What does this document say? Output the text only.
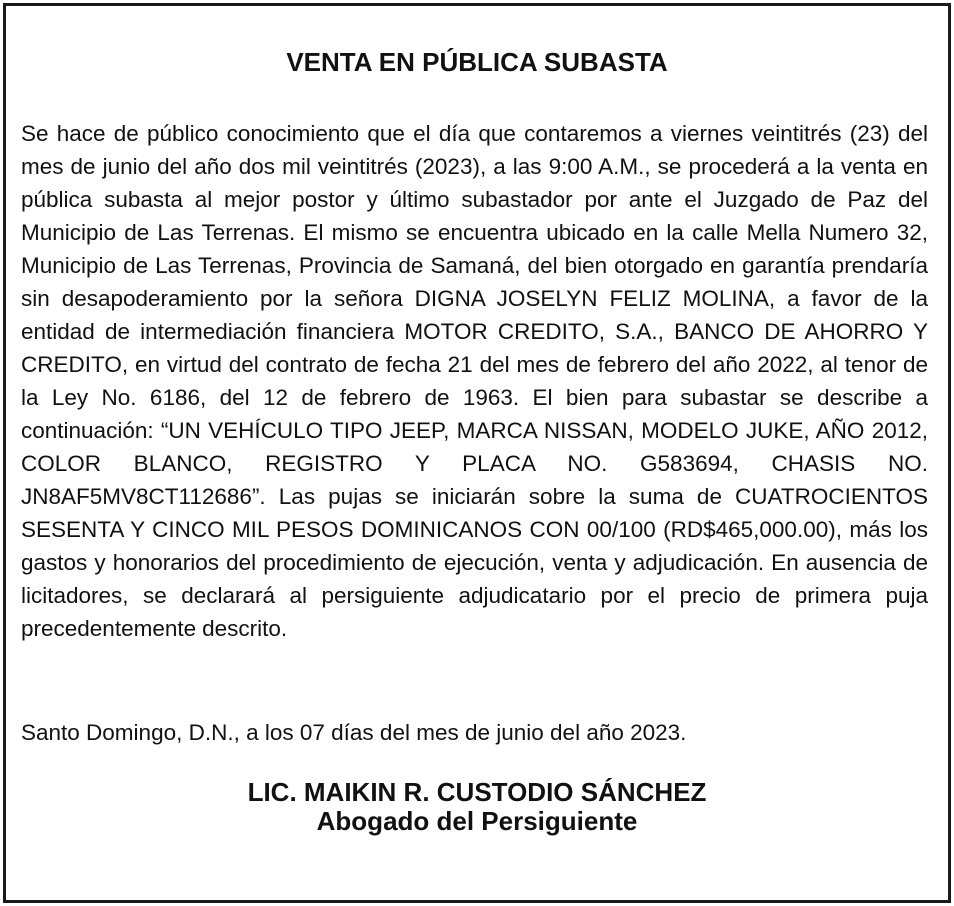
VENTA EN PÚBLICA SUBASTA

Se hace de público conocimiento que el día que contaremos a viernes veintitrés (23) del mes de junio del año dos mil veintitrés (2023), a las 9:00 A.M., se procederá a la venta en pública subasta al mejor postor y último subastador por ante el Juzgado de Paz del Municipio de Las Terrenas. El mismo se encuentra ubicado en la calle Mella Numero 32, Municipio de Las Terrenas, Provincia de Samaná, del bien otorgado en garantía prendaría sin desapoderamiento por la señora DIGNA JOSELYN FELIZ MOLINA, a favor de la entidad de intermediación financiera MOTOR CREDITO, S.A., BANCO DE AHORRO Y CREDITO, en virtud del contrato de fecha 21 del mes de febrero del año 2022, al tenor de la Ley No. 6186, del 12 de febrero de 1963. El bien para subastar se describe a continuación: “UN VEHÍCULO TIPO JEEP, MARCA NISSAN, MODELO JUKE, AÑO 2012, COLOR BLANCO, REGISTRO Y PLACA NO. G583694, CHASIS NO. JN8AF5MV8CT112686”. Las pujas se iniciarán sobre la suma de CUATROCIENTOS SESENTA Y CINCO MIL PESOS DOMINICANOS CON 00/100 (RD$465,000.00), más los gastos y honorarios del procedimiento de ejecución, venta y adjudicación. En ausencia de licitadores, se declarará al persiguiente adjudicatario por el precio de primera puja precedentemente descrito.

Santo Domingo, D.N., a los 07 días del mes de junio del año 2023.

LIC. MAIKIN R. CUSTODIO SÁNCHEZ
Abogado del Persiguiente
